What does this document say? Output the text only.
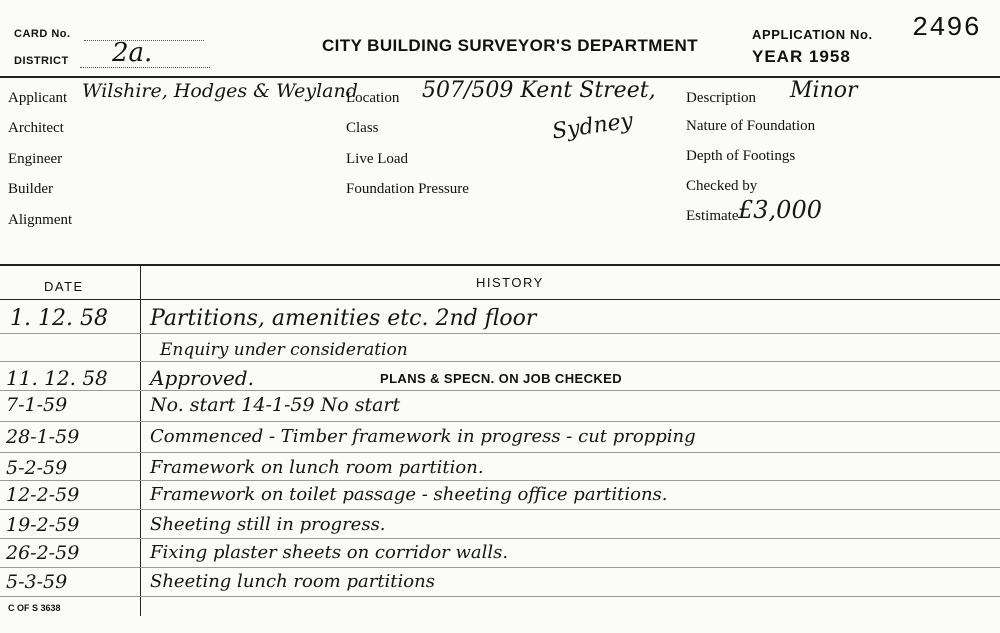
CARD No.
DISTRICT 2a.	CITY BUILDING SURVEYOR'S DEPARTMENT
APPLICATION No. 2496
YEAR 1958
Applicant Wilshire, Hodges & Weyland
Architect
Engineer
Builder
Alignment
Location 507/509 Kent Street,
Class	Sydney
Live Load
Foundation Pressure
Description Minor
Nature of Foundation
Depth of Footings
Checked by
Estimate £3,000
DATE	HISTORY
1. 12. 58	Partitions, amenities etc. 2nd floor
Enquiry under consideration
11. 12. 58	Approved.	PLANS & SPECN. ON JOB CHECKED
7-1-59	No. start 14-1-59 No start
28-1-59	Commenced - Timber framework in progress - cut propping
5-2-59	Framework on lunch room partition.
12-2-59	Framework on toilet passage - sheeting office partitions.
19-2-59	Sheeting still in progress.
26-2-59	Fixing plaster sheets on corridor walls.
5-3-59	Sheeting lunch room partitions
C OF S 3638
